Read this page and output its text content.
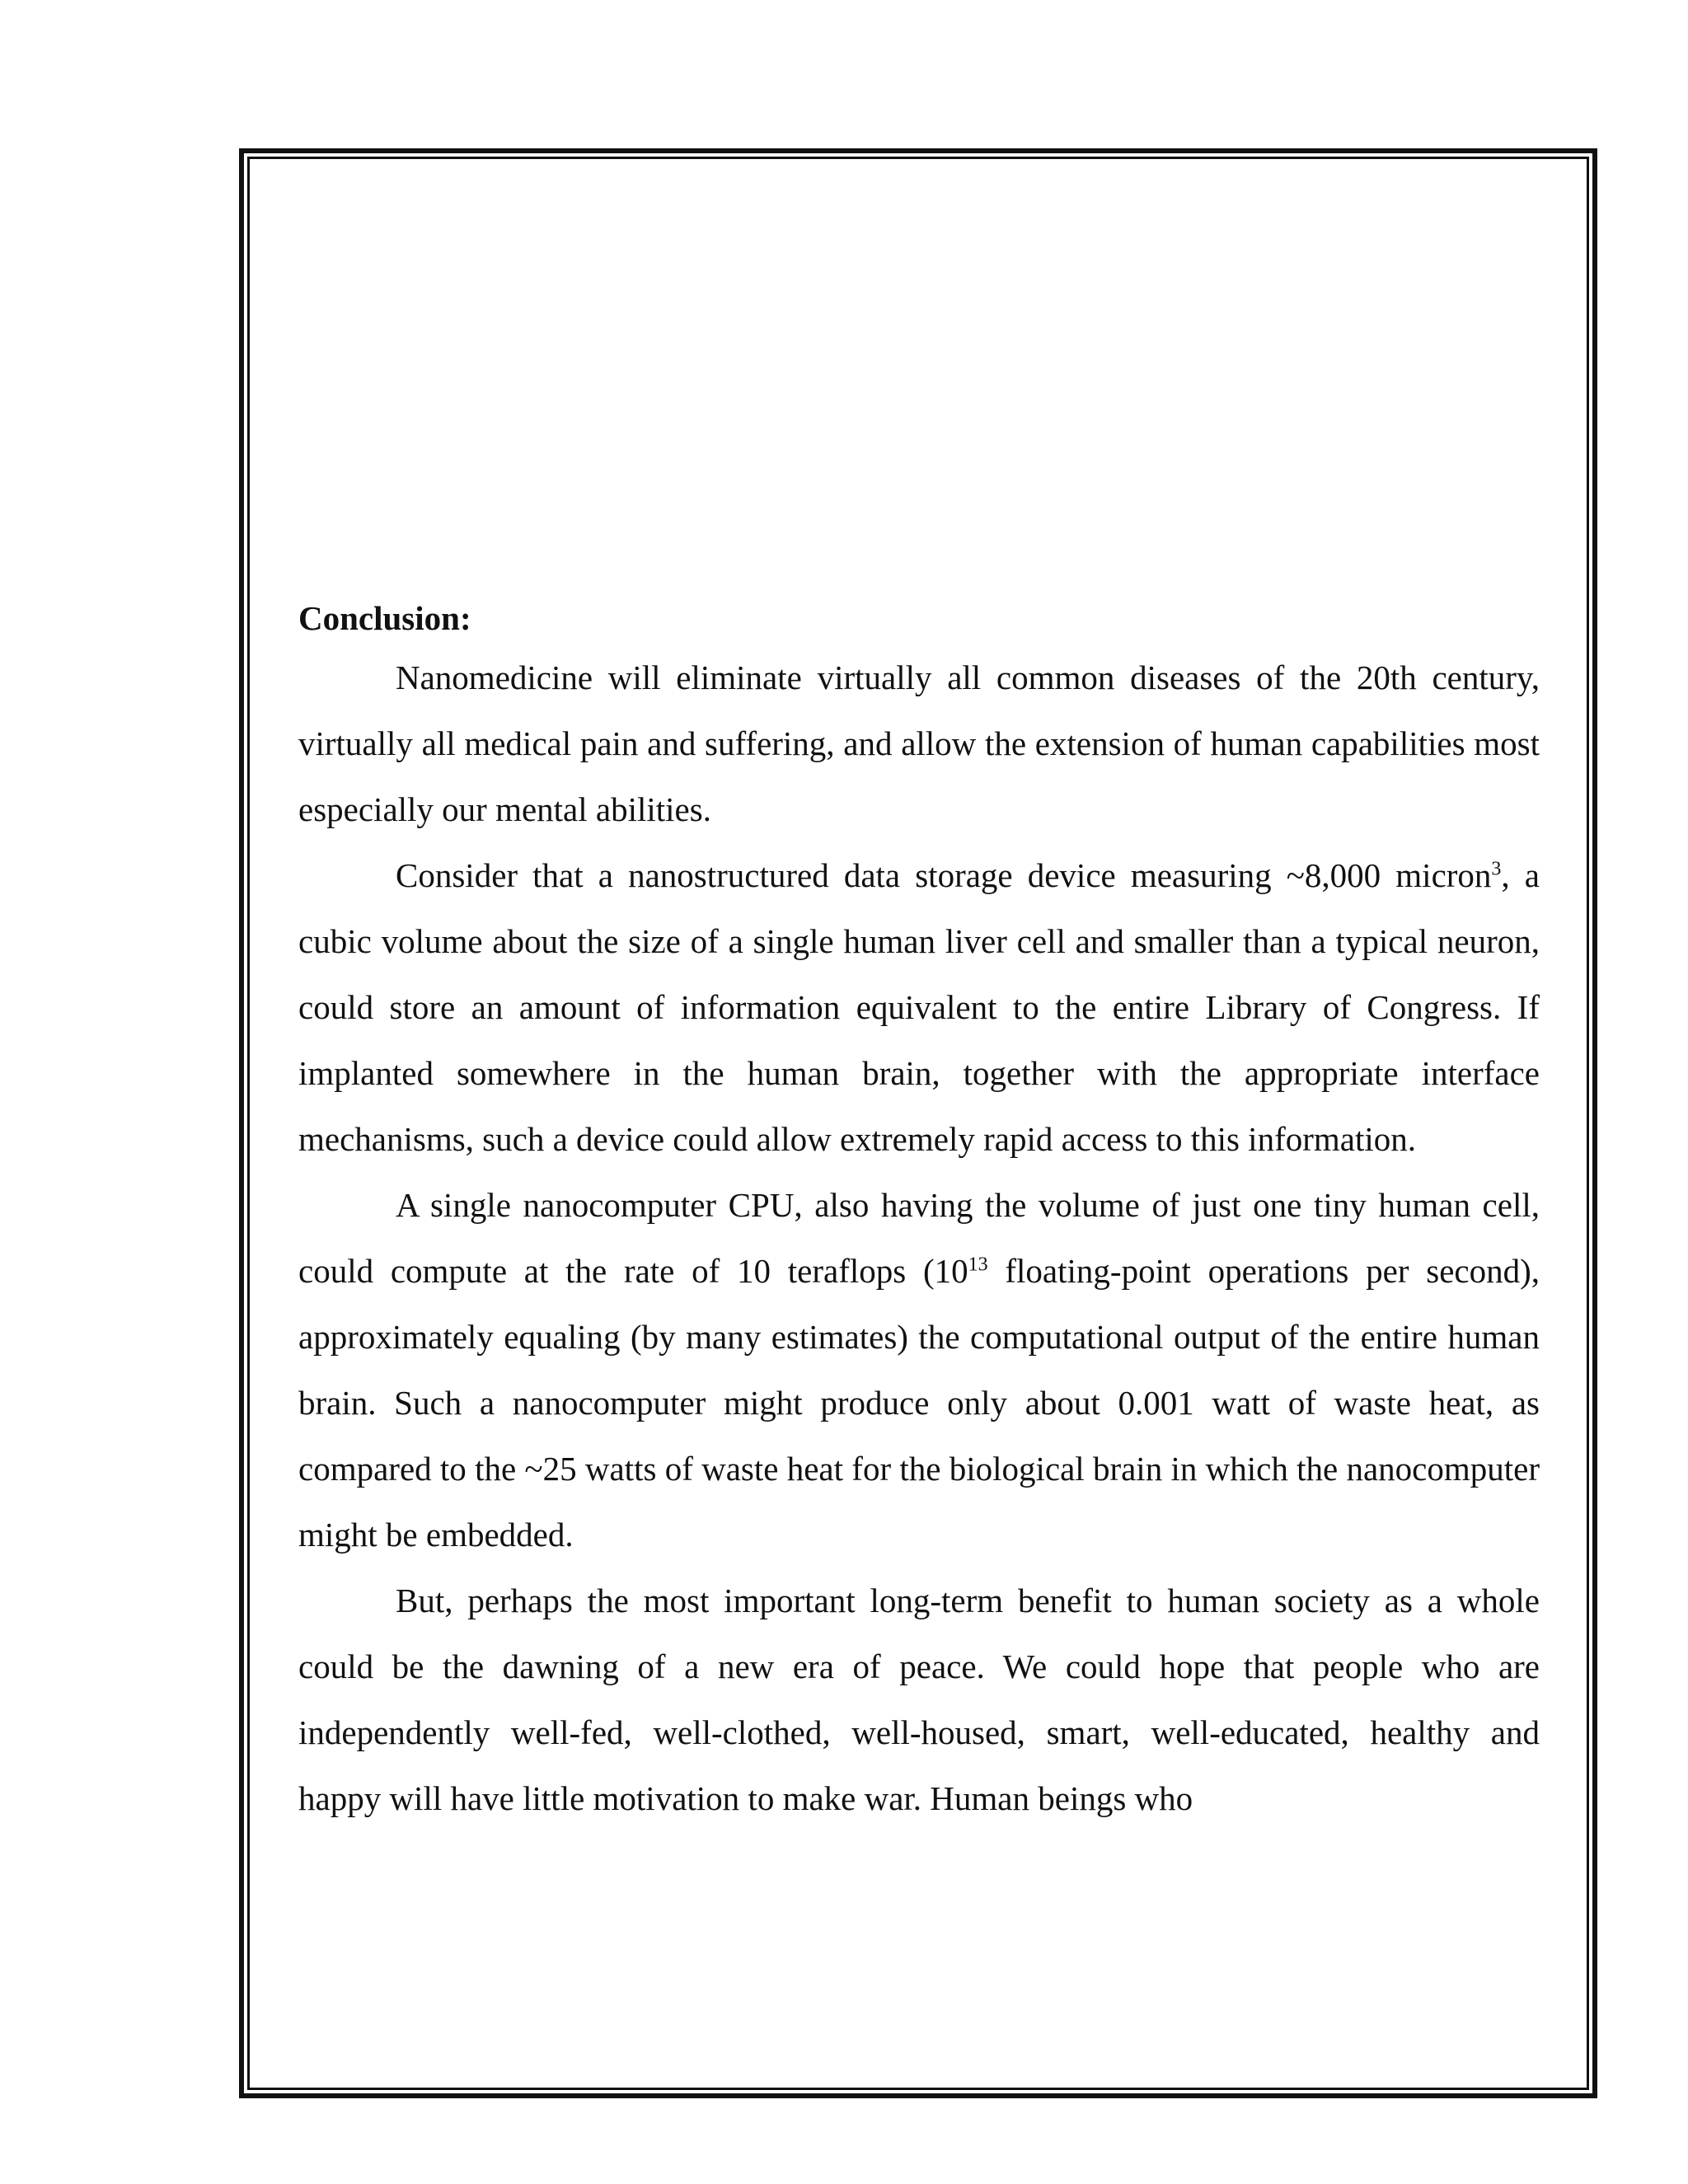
Conclusion:

Nanomedicine will eliminate virtually all common diseases of the 20th century, virtually all medical pain and suffering, and allow the extension of human capabilities most especially our mental abilities.

Consider that a nanostructured data storage device measuring ~8,000 micron$^3$, a cubic volume about the size of a single human liver cell and smaller than a typical neuron, could store an amount of information equivalent to the entire Library of Congress. If implanted somewhere in the human brain, together with the appropriate interface mechanisms, such a device could allow extremely rapid access to this information.

A single nanocomputer CPU, also having the volume of just one tiny human cell, could compute at the rate of 10 teraflops ($10^{13}$ floating-point operations per second), approximately equaling (by many estimates) the computational output of the entire human brain. Such a nanocomputer might produce only about 0.001 watt of waste heat, as compared to the ~25 watts of waste heat for the biological brain in which the nanocomputer might be embedded.

But, perhaps the most important long-term benefit to human society as a whole could be the dawning of a new era of peace. We could hope that people who are independently well-fed, well-clothed, well-housed, smart, well-educated, healthy and happy will have little motivation to make war. Human beings who
